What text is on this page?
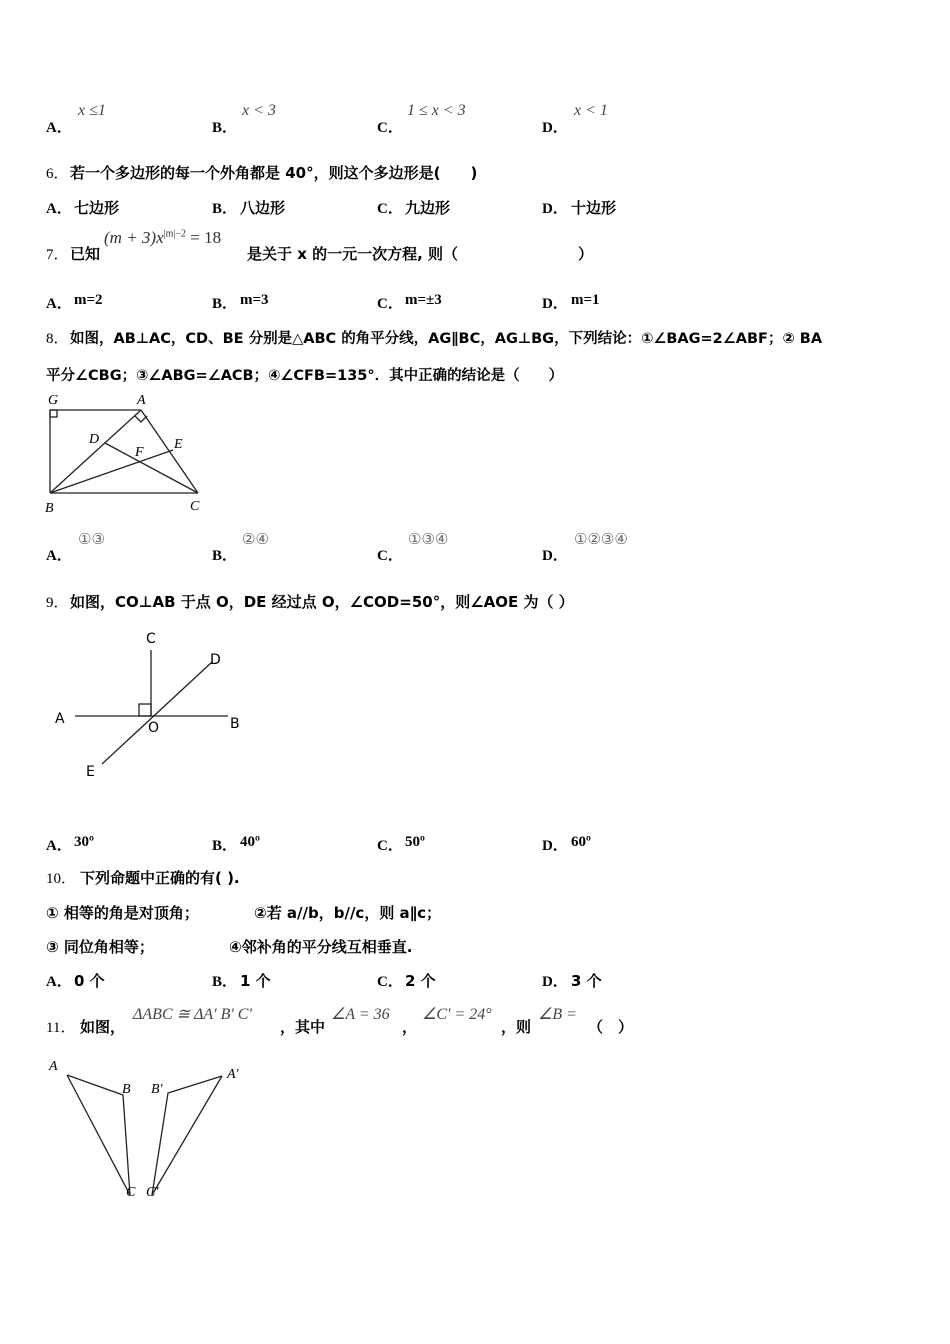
A．
x ≤1
B．
x < 3
C．
1 ≤ x < 3
D．
x < 1
6． 若一个多边形的每一个外角都是 40°，则这个多边形是(　　)
A． 七边形	B． 八边形	C． 九边形	D． 十边形
7． 已知
$(m + 3)x^{|m|-2} = 18$
是关于 x 的一元一次方程, 则（　　　　　　　　）
A． m=2	B． m=3	C． m=±3	D． m=1
8． 如图，AB⊥AC，CD、BE 分别是△ABC 的角平分线，AG∥BC，AG⊥BG，下列结论：①∠BAG=2∠ABF；② BA
平分∠CBG；③∠ABG=∠ACB；④∠CFB=135°．其中正确的结论是（　　）
G	A
D	E
F
B	C
A．
①③
B．
②④
C．
①③④
D．
①②③④
9． 如图，CO⊥AB 于点 O，DE 经过点 O，∠COD=50°，则∠AOE 为（ ）
C
D
A
O	B
E
A． 30º	B． 40º	C． 50º	D． 60º
10． 下列命题中正确的有( ).
① 相等的角是对顶角；	②若 a//b，b//c，则 a∥c；
③ 同位角相等；	④邻补角的平分线互相垂直.
A． 0 个	B． 1 个	C． 2 个	D． 3 个
11． 如图，
ΔABC ≅ ΔA' B' C'
，其中
∠A = 36
，
∠C' = 24°
，则
∠B =
（　）
A
B
C
B′
A′
C′
